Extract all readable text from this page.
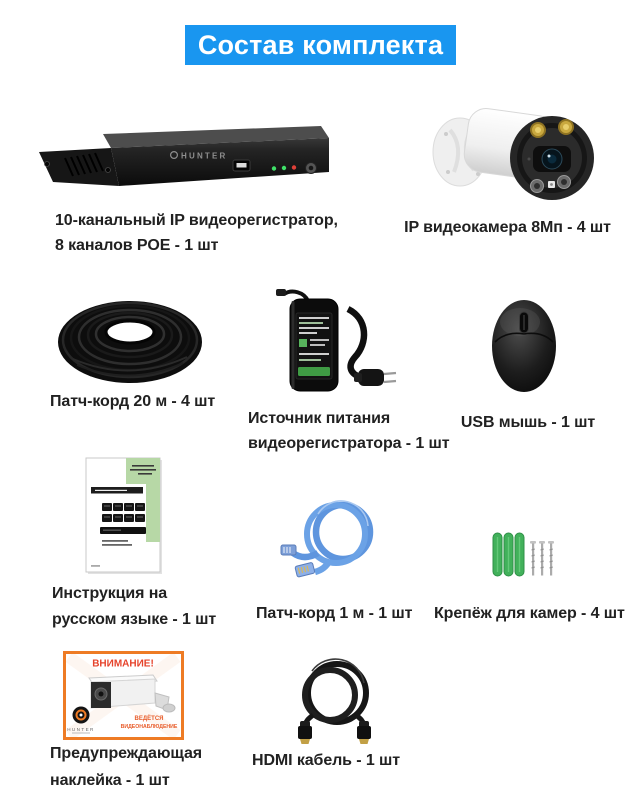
Состав комплекта
HUNTER
10-канальный IP видеорегистратор,
8 каналов POE - 1 шт
IP видеокамера 8Мп - 4 шт
Патч-корд 20 м - 4 шт
Источник питания
видеорегистратора - 1 шт
USB мышь - 1 шт
Инструкция на
русском языке - 1 шт Патч-корд 1 м - 1 шт Крепёж для камер - 4 шт
ВНИМАНИЕ!
HUNTER
ВЕДЁТСЯ
ВИДЕОНАБЛЮДЕНИЕ
Предупреждающая
наклейка - 1 шт
HDMI кабель - 1 шт
